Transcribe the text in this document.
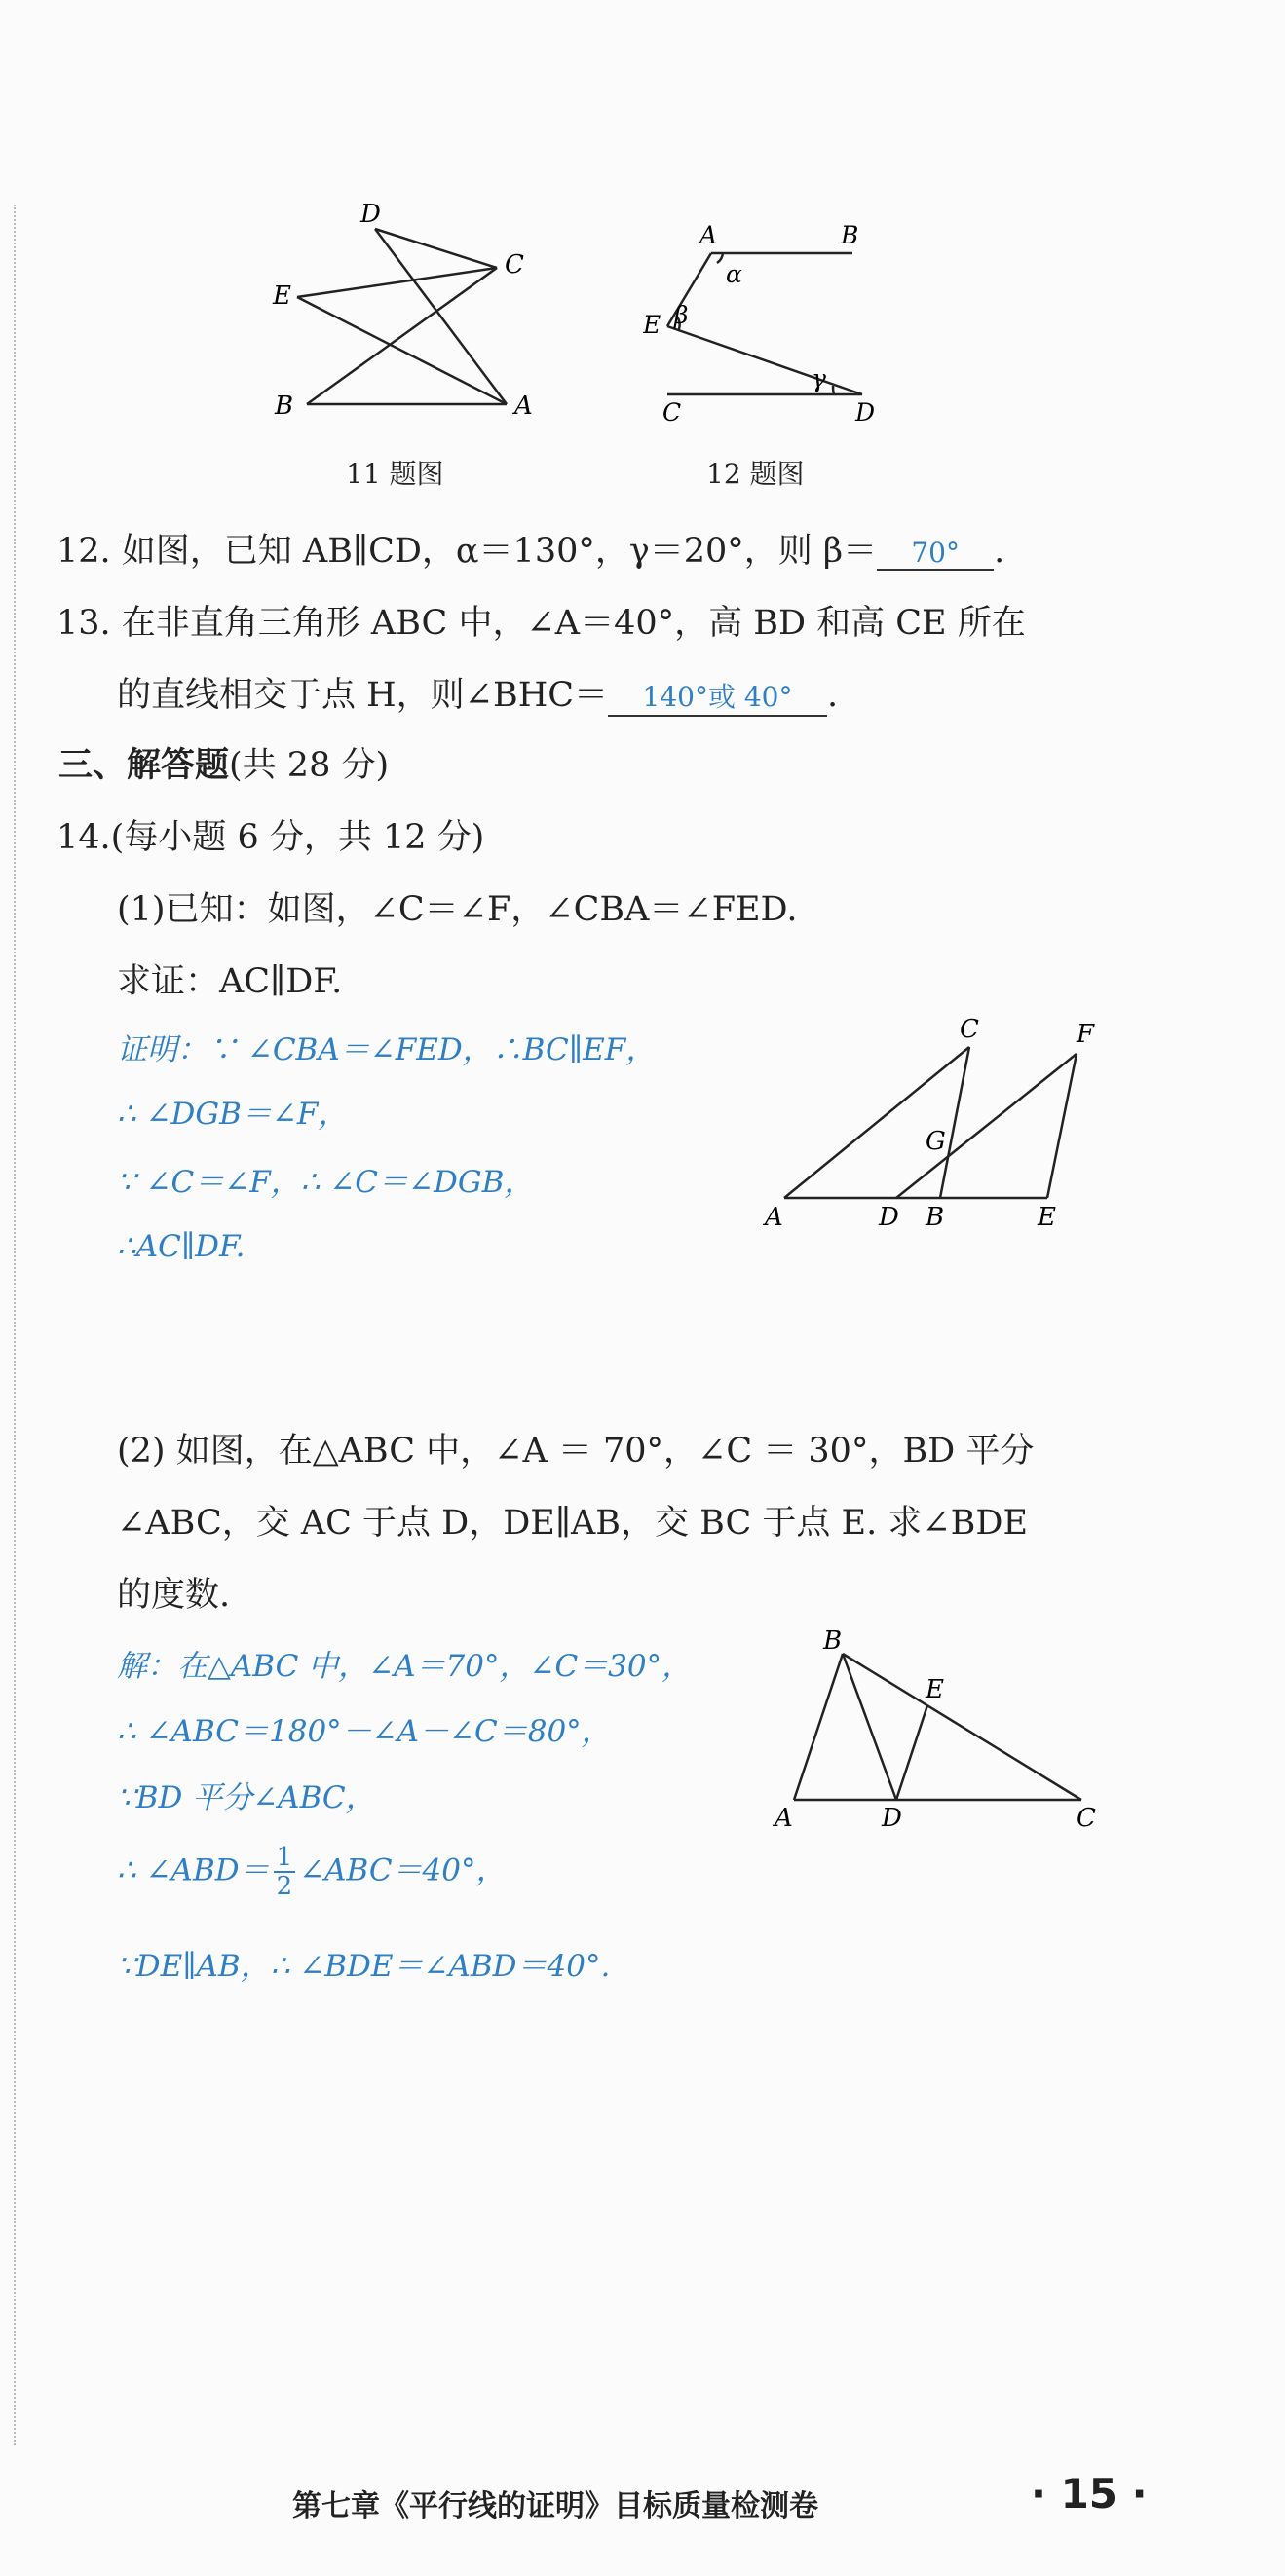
D
C
E
B	A
11 题图
A	B
α
E β
γ
C	D
12 题图
12. 如图，已知 AB∥CD，α＝130°，γ＝20°，则 β＝ 70° .
13. 在非直角三角形 ABC 中，∠A＝40°，高 BD 和高 CE 所在
的直线相交于点 H，则∠BHC＝ 140°或 40° .
三、解答题(共 28 分)
14.(每小题 6 分，共 12 分)
(1)已知：如图，∠C＝∠F，∠CBA＝∠FED.
求证：AC∥DF.
证明：∵ ∠CBA＝∠FED，∴BC∥EF，
∴ ∠DGB＝∠F，
∵ ∠C＝∠F，∴ ∠C＝∠DGB，
∴AC∥DF.
C	F
G
A	D B	E
(2) 如图，在△ABC 中，∠A ＝ 70°，∠C ＝ 30°，BD 平分
∠ABC，交 AC 于点 D，DE∥AB，交 BC 于点 E. 求∠BDE
的度数.
解：在△ABC 中，∠A＝70°，∠C＝30°，
∴ ∠ABC＝180°－∠A－∠C＝80°，
∵BD 平分∠ABC，
∴ ∠ABD＝ $\frac{1}{2}$ ∠ABC＝40°，
∵DE∥AB，∴ ∠BDE＝∠ABD＝40°.
B
E
A	D	C
第七章《平行线的证明》目标质量检测卷	· 15 ·
